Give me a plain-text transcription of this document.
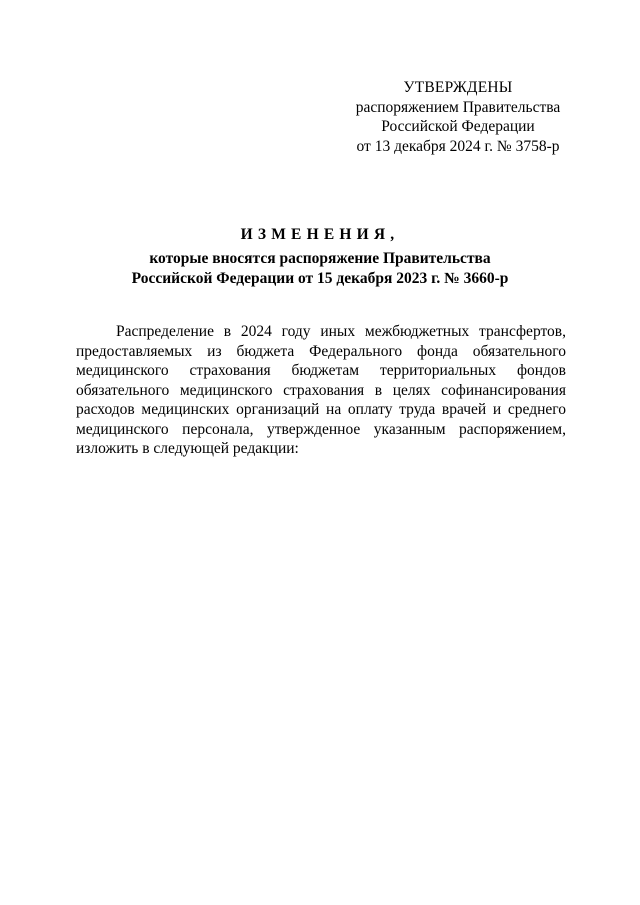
УТВЕРЖДЕНЫ
распоряжением Правительства
Российской Федерации
от 13 декабря 2024 г. № 3758-р
ИЗМЕНЕНИЯ,
которые вносятся распоряжение Правительства
Российской Федерации от 15 декабря 2023 г. № 3660-р
Распределение в 2024 году иных межбюджетных трансфертов,
предоставляемых из бюджета Федерального фонда обязательного
медицинского страхования бюджетам территориальных фондов
обязательного медицинского страхования в целях софинансирования
расходов медицинских организаций на оплату труда врачей и среднего
медицинского персонала, утвержденное указанным распоряжением,
изложить в следующей редакции:
